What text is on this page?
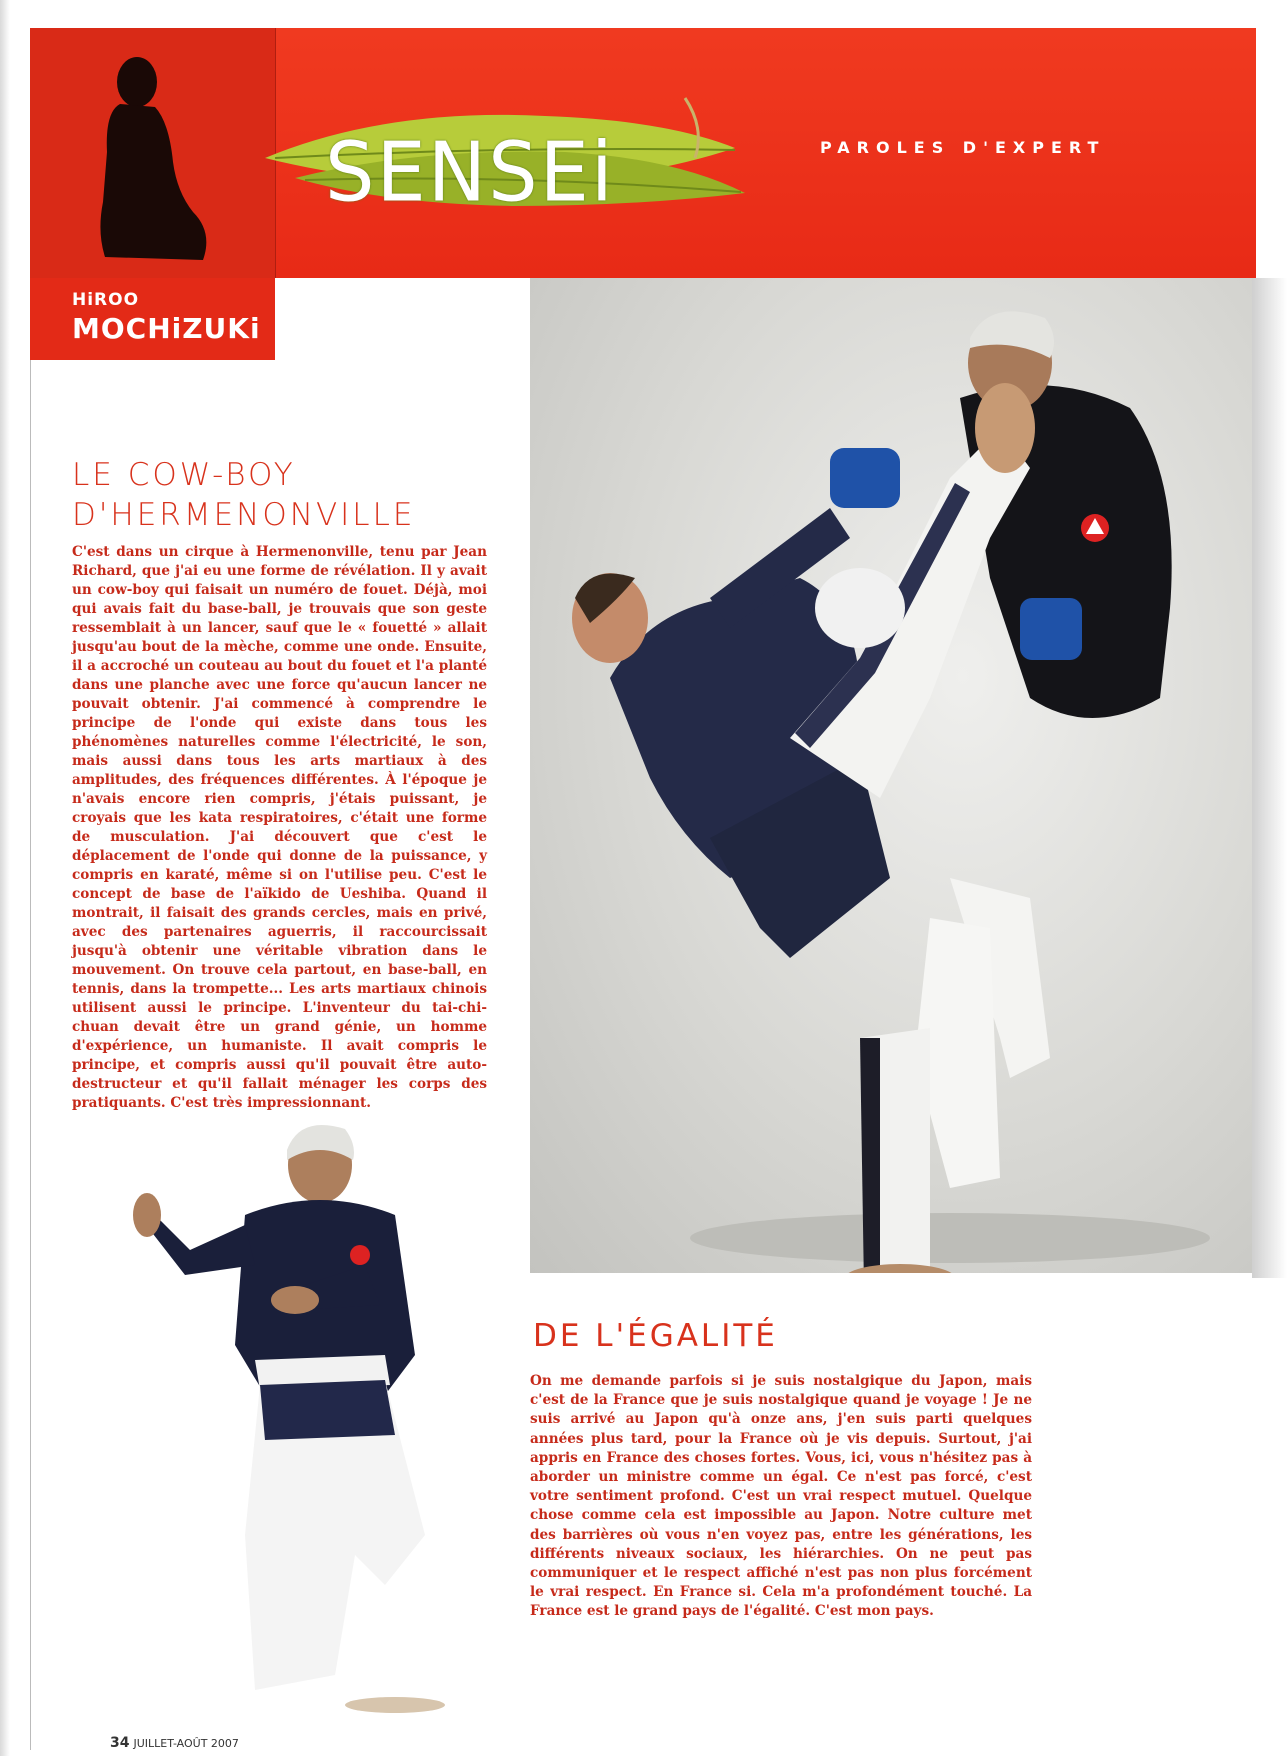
SENSEi	PAROLES D'EXPERT
HiROO
MOCHiZUKi
LE COW-BOY
D'HERMENONVILLE

C'est dans un cirque à Hermenonville, tenu par Jean Richard, que j'ai eu une forme de révélation. Il y avait un cow-boy qui faisait un numéro de fouet. Déjà, moi qui avais fait du base-ball, je trouvais que son geste ressemblait à un lancer, sauf que le « fouetté » allait jusqu'au bout de la mèche, comme une onde. Ensuite, il a accroché un couteau au bout du fouet et l'a planté dans une planche avec une force qu'aucun lancer ne pouvait obtenir. J'ai commencé à comprendre le principe de l'onde qui existe dans tous les phénomènes naturelles comme l'électricité, le son, mais aussi dans tous les arts martiaux à des amplitudes, des fréquences différentes. À l'époque je n'avais encore rien compris, j'étais puissant, je croyais que les kata respiratoires, c'était une forme de musculation. J'ai découvert que c'est le déplacement de l'onde qui donne de la puissance, y compris en karaté, même si on l'utilise peu. C'est le concept de base de l'aïkido de Ueshiba. Quand il montrait, il faisait des grands cercles, mais en privé, avec des partenaires aguerris, il raccourcissait jusqu'à obtenir une véritable vibration dans le mouvement. On trouve cela partout, en base-ball, en tennis, dans la trompette... Les arts martiaux chinois utilisent aussi le principe. L'inventeur du tai-chi-chuan devait être un grand génie, un homme d'expérience, un humaniste. Il avait compris le principe, et compris aussi qu'il pouvait être auto-destructeur et qu'il fallait ménager les corps des pratiquants. C'est très impressionnant.

DE L'ÉGALITÉ

On me demande parfois si je suis nostalgique du Japon, mais c'est de la France que je suis nostalgique quand je voyage ! Je ne suis arrivé au Japon qu'à onze ans, j'en suis parti quelques années plus tard, pour la France où je vis depuis. Surtout, j'ai appris en France des choses fortes. Vous, ici, vous n'hésitez pas à aborder un ministre comme un égal. Ce n'est pas forcé, c'est votre sentiment profond. C'est un vrai respect mutuel. Quelque chose comme cela est impossible au Japon. Notre culture met des barrières où vous n'en voyez pas, entre les générations, les différents niveaux sociaux, les hiérarchies. On ne peut pas communiquer et le respect affiché n'est pas non plus forcément le vrai respect. En France si. Cela m'a profondément touché. La France est le grand pays de l'égalité. C'est mon pays.

34 JUILLET-AOÛT 2007
